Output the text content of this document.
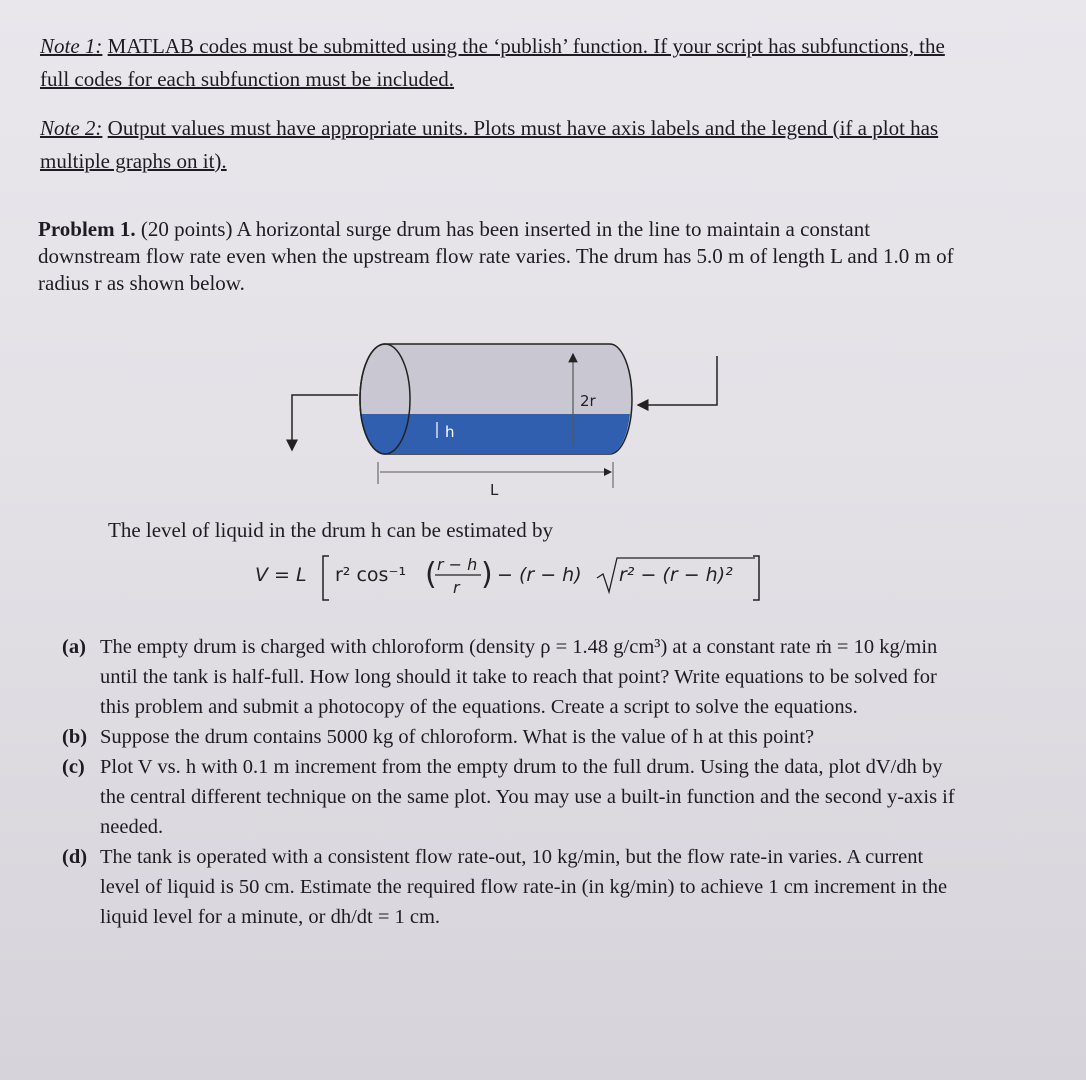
Note 1: MATLAB codes must be submitted using the ‘publish’ function. If your script has subfunctions, the full codes for each subfunction must be included.
Note 2: Output values must have appropriate units. Plots must have axis labels and the legend (if a plot has multiple graphs on it).
Problem 1. (20 points) A horizontal surge drum has been inserted in the line to maintain a constant downstream flow rate even when the upstream flow rate varies. The drum has 5.0 m of length L and 1.0 m of radius r as shown below.
2r
h
L
The level of liquid in the drum h can be estimated by
V = L r² cos⁻¹ ( r − h
r ) − (r − h) r² − (r − h)²
(a) The empty drum is charged with chloroform (density ρ = 1.48 g/cm³) at a constant rate ṁ = 10 kg/min until the tank is half-full. How long should it take to reach that point? Write equations to be solved for this problem and submit a photocopy of the equations. Create a script to solve the equations.
(b) Suppose the drum contains 5000 kg of chloroform. What is the value of h at this point?
(c) Plot V vs. h with 0.1 m increment from the empty drum to the full drum. Using the data, plot dV/dh by the central different technique on the same plot. You may use a built-in function and the second y-axis if needed.
(d) The tank is operated with a consistent flow rate-out, 10 kg/min, but the flow rate-in varies. A current level of liquid is 50 cm. Estimate the required flow rate-in (in kg/min) to achieve 1 cm increment in the liquid level for a minute, or dh/dt = 1 cm.
